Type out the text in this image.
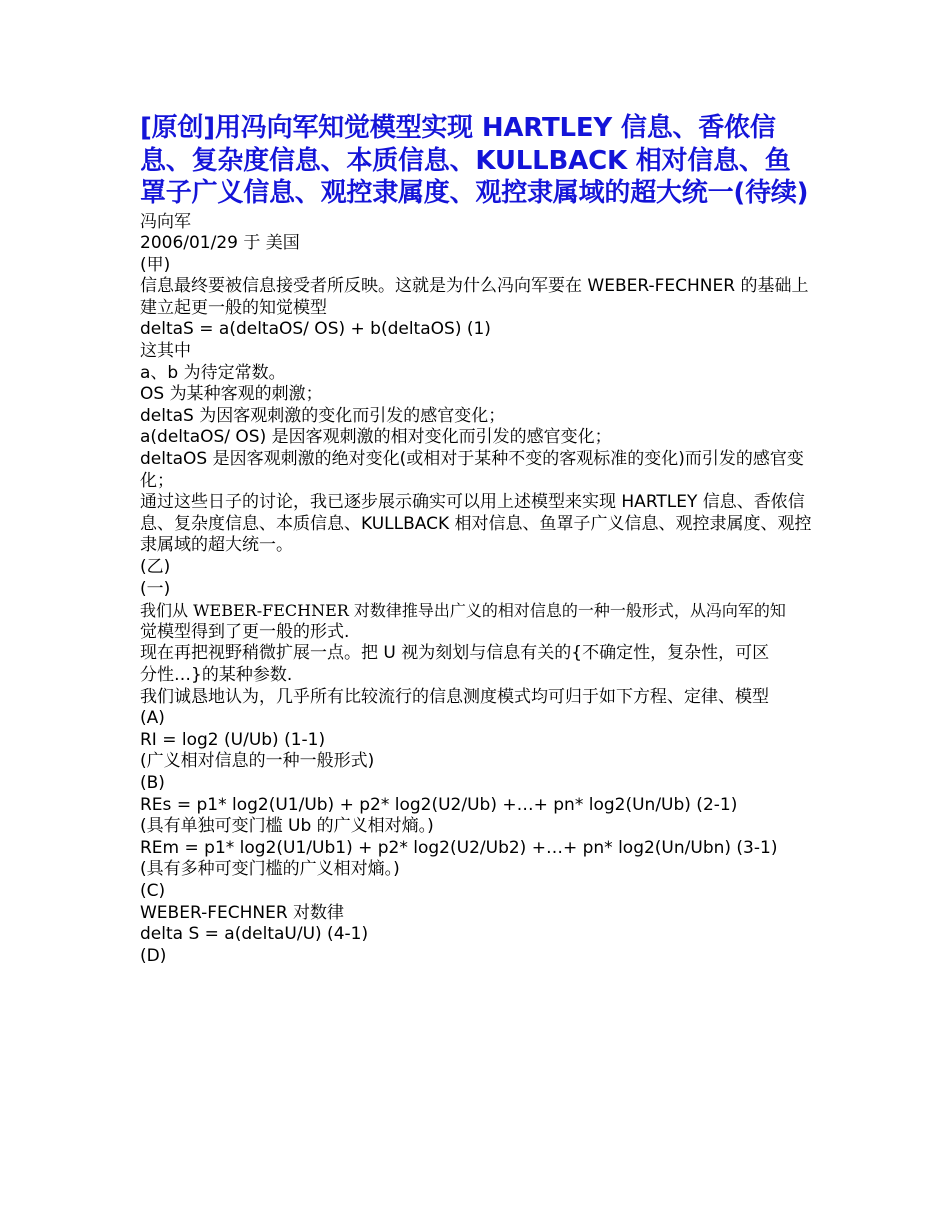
[原创]用冯向军知觉模型实现 HARTLEY 信息、香侬信息、复杂度信息、本质信息、KULLBACK 相对信息、鱼罩子广义信息、观控隶属度、观控隶属域的超大统一(待续)
冯向军
2006/01/29 于 美国
(甲)
信息最终要被信息接受者所反映。这就是为什么冯向军要在 WEBER-FECHNER 的基础上
建立起更一般的知觉模型
deltaS = a(deltaOS/ OS) + b(deltaOS) (1)
这其中
a、b 为待定常数。
OS 为某种客观的刺激；
deltaS 为因客观刺激的变化而引发的感官变化；
a(deltaOS/ OS) 是因客观刺激的相对变化而引发的感官变化；
deltaOS 是因客观刺激的绝对变化(或相对于某种不变的客观标准的变化)而引发的感官变化；
通过这些日子的讨论，我已逐步展示确实可以用上述模型来实现 HARTLEY 信息、香侬信息、复杂度信息、本质信息、KULLBACK 相对信息、鱼罩子广义信息、观控隶属度、观控隶属域的超大统一。
(乙)
(一)
我们从 WEBER-FECHNER 对数律推导出广义的相对信息的一种一般形式，从冯向军的知
觉模型得到了更一般的形式.
现在再把视野稍微扩展一点。把 U 视为刻划与信息有关的{不确定性，复杂性，可区
分性…}的某种参数.
我们诚恳地认为，几乎所有比较流行的信息测度模式均可归于如下方程、定律、模型
(A)
RI = log2 (U/Ub) (1-1)
(广义相对信息的一种一般形式)
(B)
REs = p1* log2(U1/Ub) + p2* log2(U2/Ub) +…+ pn* log2(Un/Ub) (2-1)
(具有单独可变门槛 Ub 的广义相对熵。)
REm = p1* log2(U1/Ub1) + p2* log2(U2/Ub2) +…+ pn* log2(Un/Ubn) (3-1)
(具有多种可变门槛的广义相对熵。)
(C)
WEBER-FECHNER 对数律
delta S = a(deltaU/U) (4-1)
(D)
